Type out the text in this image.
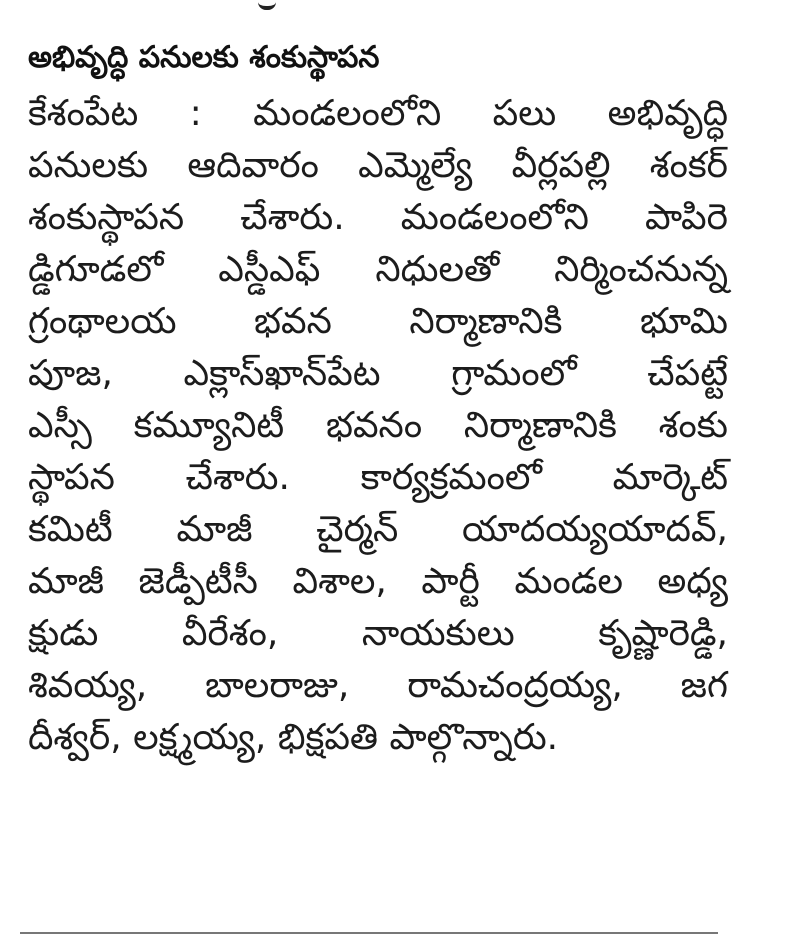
అభివృద్ధి పనులకు శంకుస్థాపన
కేశంపేట : మండలంలోని పలు అభివృద్ధి
పనులకు ఆదివారం ఎమ్మెల్యే వీర్లపల్లి శంకర్
శంకుస్థాపన చేశారు. మండలంలోని పాపిరె
డ్డిగూడలో ఎస్డీఎఫ్ నిధులతో నిర్మించనున్న
గ్రంథాలయ భవన నిర్మాణానికి భూమి
పూజ, ఎక్లాస్‌ఖాన్‌పేట గ్రామంలో చేపట్టే
ఎస్సీ కమ్యూనిటీ భవనం నిర్మాణానికి శంకు
స్థాపన చేశారు. కార్యక్రమంలో మార్కెట్
కమిటీ మాజీ చైర్మన్ యాదయ్యయాదవ్,
మాజీ జెడ్పీటీసీ విశాల, పార్టీ మండల అధ్య
క్షుడు వీరేశం, నాయకులు కృష్ణారెడ్డి,
శివయ్య, బాలరాజు, రామచంద్రయ్య, జగ
దీశ్వర్, లక్ష్మయ్య, భిక్షపతి పాల్గొన్నారు.
